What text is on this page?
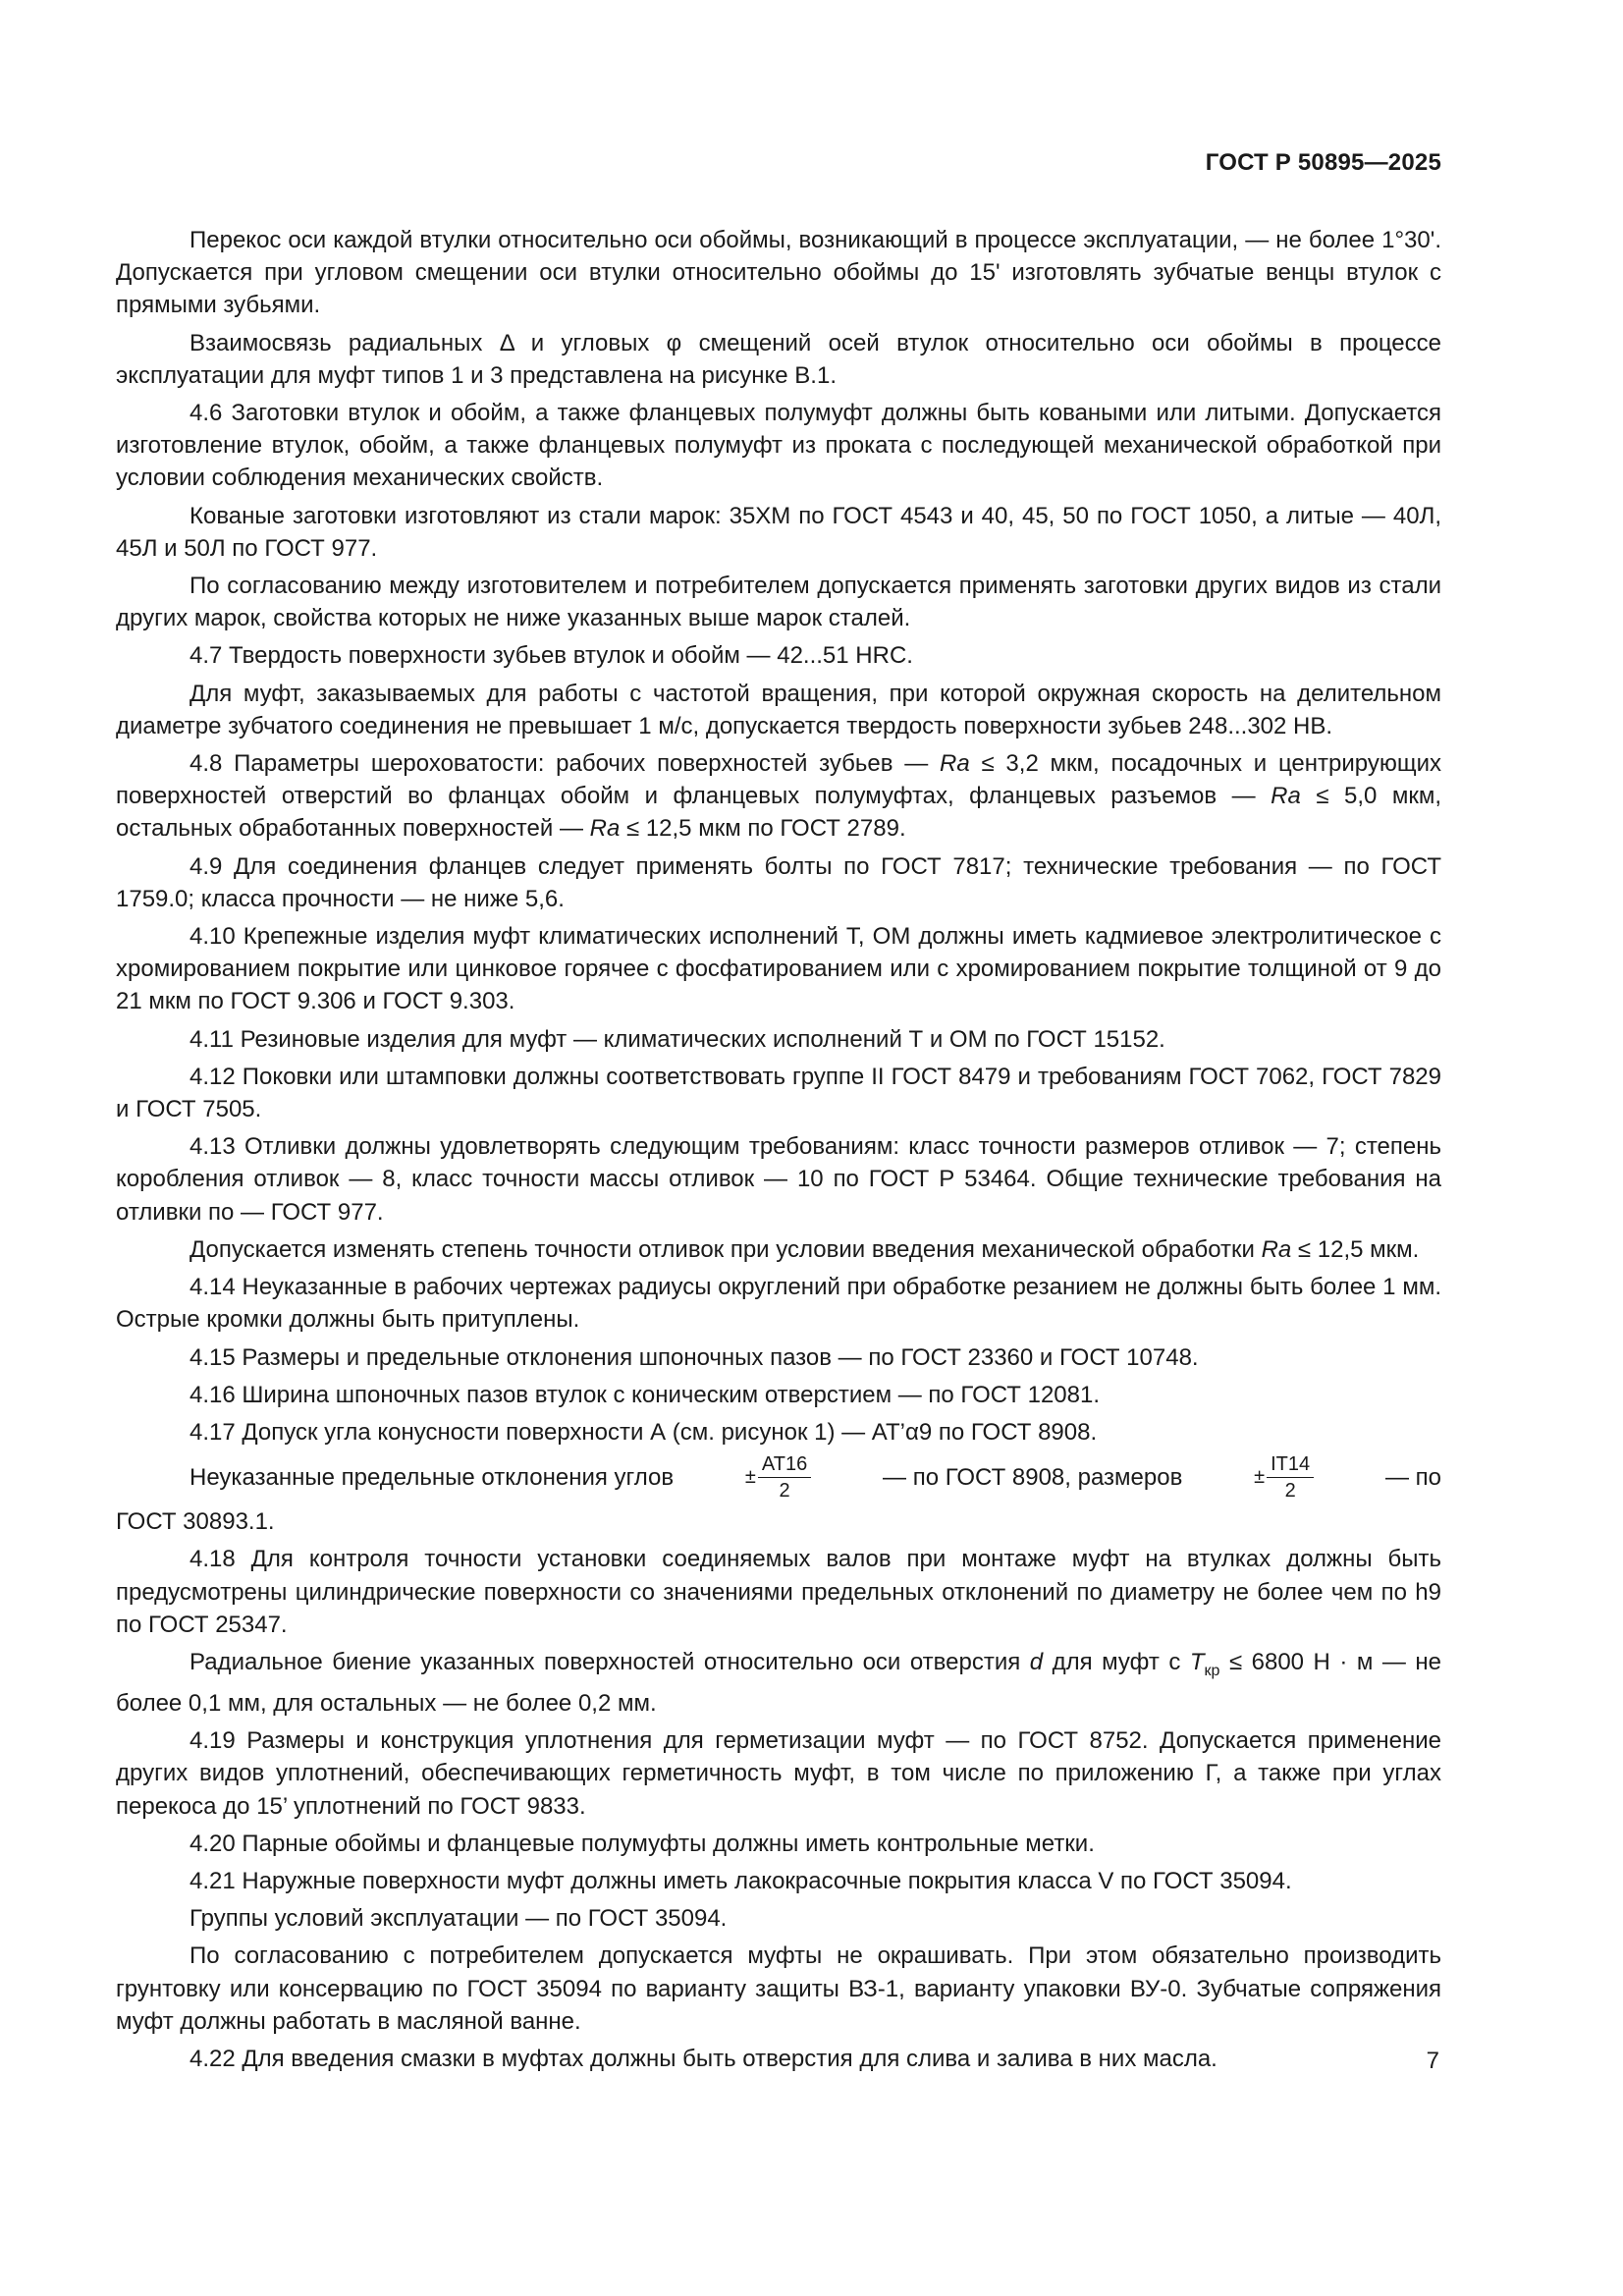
ГОСТ Р 50895—2025

Перекос оси каждой втулки относительно оси обоймы, возникающий в процессе эксплуатации, — не более 1°30'. Допускается при угловом смещении оси втулки относительно обоймы до 15' изготовлять зубчатые венцы втулок с прямыми зубьями.

Взаимосвязь радиальных Δ и угловых φ смещений осей втулок относительно оси обоймы в процессе эксплуатации для муфт типов 1 и 3 представлена на рисунке В.1.

4.6 Заготовки втулок и обойм, а также фланцевых полумуфт должны быть коваными или литыми. Допускается изготовление втулок, обойм, а также фланцевых полумуфт из проката с последующей механической обработкой при условии соблюдения механических свойств.

Кованые заготовки изготовляют из стали марок: 35ХМ по ГОСТ 4543 и 40, 45, 50 по ГОСТ 1050, а литые — 40Л, 45Л и 50Л по ГОСТ 977.

По согласованию между изготовителем и потребителем допускается применять заготовки других видов из стали других марок, свойства которых не ниже указанных выше марок сталей.

4.7 Твердость поверхности зубьев втулок и обойм — 42...51 HRC.

Для муфт, заказываемых для работы с частотой вращения, при которой окружная скорость на делительном диаметре зубчатого соединения не превышает 1 м/с, допускается твердость поверхности зубьев 248...302 НВ.

4.8 Параметры шероховатости: рабочих поверхностей зубьев — Ra ≤ 3,2 мкм, посадочных и центрирующих поверхностей отверстий во фланцах обойм и фланцевых полумуфтах, фланцевых разъемов — Ra ≤ 5,0 мкм, остальных обработанных поверхностей — Ra ≤ 12,5 мкм по ГОСТ 2789.

4.9 Для соединения фланцев следует применять болты по ГОСТ 7817; технические требования — по ГОСТ 1759.0; класса прочности — не ниже 5,6.

4.10 Крепежные изделия муфт климатических исполнений Т, ОМ должны иметь кадмиевое электролитическое с хромированием покрытие или цинковое горячее с фосфатированием или с хромированием покрытие толщиной от 9 до 21 мкм по ГОСТ 9.306 и ГОСТ 9.303.

4.11 Резиновые изделия для муфт — климатических исполнений Т и ОМ по ГОСТ 15152.

4.12 Поковки или штамповки должны соответствовать группе II ГОСТ 8479 и требованиям ГОСТ 7062, ГОСТ 7829 и ГОСТ 7505.

4.13 Отливки должны удовлетворять следующим требованиям: класс точности размеров отливок — 7; степень коробления отливок — 8, класс точности массы отливок — 10 по ГОСТ Р 53464. Общие технические требования на отливки по — ГОСТ 977.

Допускается изменять степень точности отливок при условии введения механической обработки Ra ≤ 12,5 мкм.

4.14 Неуказанные в рабочих чертежах радиусы округлений при обработке резанием не должны быть более 1 мм. Острые кромки должны быть притуплены.

4.15 Размеры и предельные отклонения шпоночных пазов — по ГОСТ 23360 и ГОСТ 10748.

4.16 Ширина шпоночных пазов втулок с коническим отверстием — по ГОСТ 12081.

4.17 Допуск угла конусности поверхности А (см. рисунок 1) — AT’α9 по ГОСТ 8908.

Неуказанные предельные отклонения углов	± $\frac{AT16}{2}$	— по ГОСТ 8908, размеров	± $\frac{IT14}{2}$	— по

ГОСТ 30893.1.

4.18 Для контроля точности установки соединяемых валов при монтаже муфт на втулках должны быть предусмотрены цилиндрические поверхности со значениями предельных отклонений по диаметру не более чем по h9 по ГОСТ 25347.

Радиальное биение указанных поверхностей относительно оси отверстия d для муфт с $T_{кр} \le 6800$ Н · м — не более 0,1 мм, для остальных — не более 0,2 мм.

4.19 Размеры и конструкция уплотнения для герметизации муфт — по ГОСТ 8752. Допускается применение других видов уплотнений, обеспечивающих герметичность муфт, в том числе по приложению Г, а также при углах перекоса до 15’ уплотнений по ГОСТ 9833.

4.20 Парные обоймы и фланцевые полумуфты должны иметь контрольные метки.

4.21 Наружные поверхности муфт должны иметь лакокрасочные покрытия класса V по ГОСТ 35094.

Группы условий эксплуатации — по ГОСТ 35094.

По согласованию с потребителем допускается муфты не окрашивать. При этом обязательно производить грунтовку или консервацию по ГОСТ 35094 по варианту защиты ВЗ-1, варианту упаковки ВУ-0. Зубчатые сопряжения муфт должны работать в масляной ванне.

4.22 Для введения смазки в муфтах должны быть отверстия для слива и залива в них масла.	7
